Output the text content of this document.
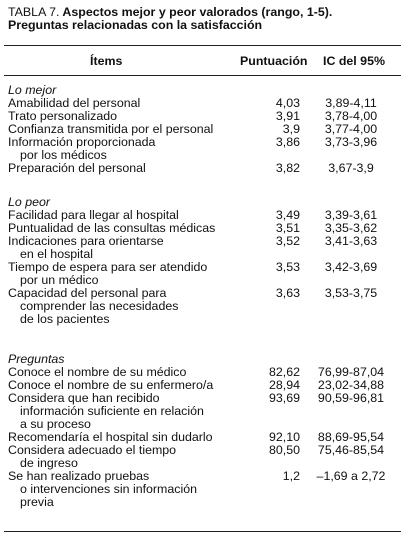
TABLA 7. Aspectos mejor y peor valorados (rango, 1-5).
Preguntas relacionadas con la satisfacción
Ítems	Puntuación IC del 95%
Lo mejor
Amabilidad del personal	4,03	3,89-4,11
Trato personalizado	3,91	3,78-4,00
Confianza transmitida por el personal	3,9	3,77-4,00
Información proporcionada
por los médicos
3,86	3,73-3,96
Preparación del personal	3,82	3,67-3,9
Lo peor
Facilidad para llegar al hospital	3,49	3,39-3,61
Puntualidad de las consultas médicas	3,51	3,35-3,62
Indicaciones para orientarse
en el hospital
3,52	3,41-3,63
Tiempo de espera para ser atendido
por un médico
3,53	3,42-3,69
Capacidad del personal para
comprender las necesidades
de los pacientes
3,63	3,53-3,75
Preguntas
Conoce el nombre de su médico	82,62	76,99-87,04
Conoce el nombre de su enfermero/a	28,94	23,02-34,88
Considera que han recibido
información suficiente en relación
a su proceso
93,69	90,59-96,81
Recomendaría el hospital sin dudarlo	92,10	88,69-95,54
Considera adecuado el tiempo
de ingreso
80,50	75,46-85,54
Se han realizado pruebas
o intervenciones sin información
previa
1,2	–1,69 a 2,72
